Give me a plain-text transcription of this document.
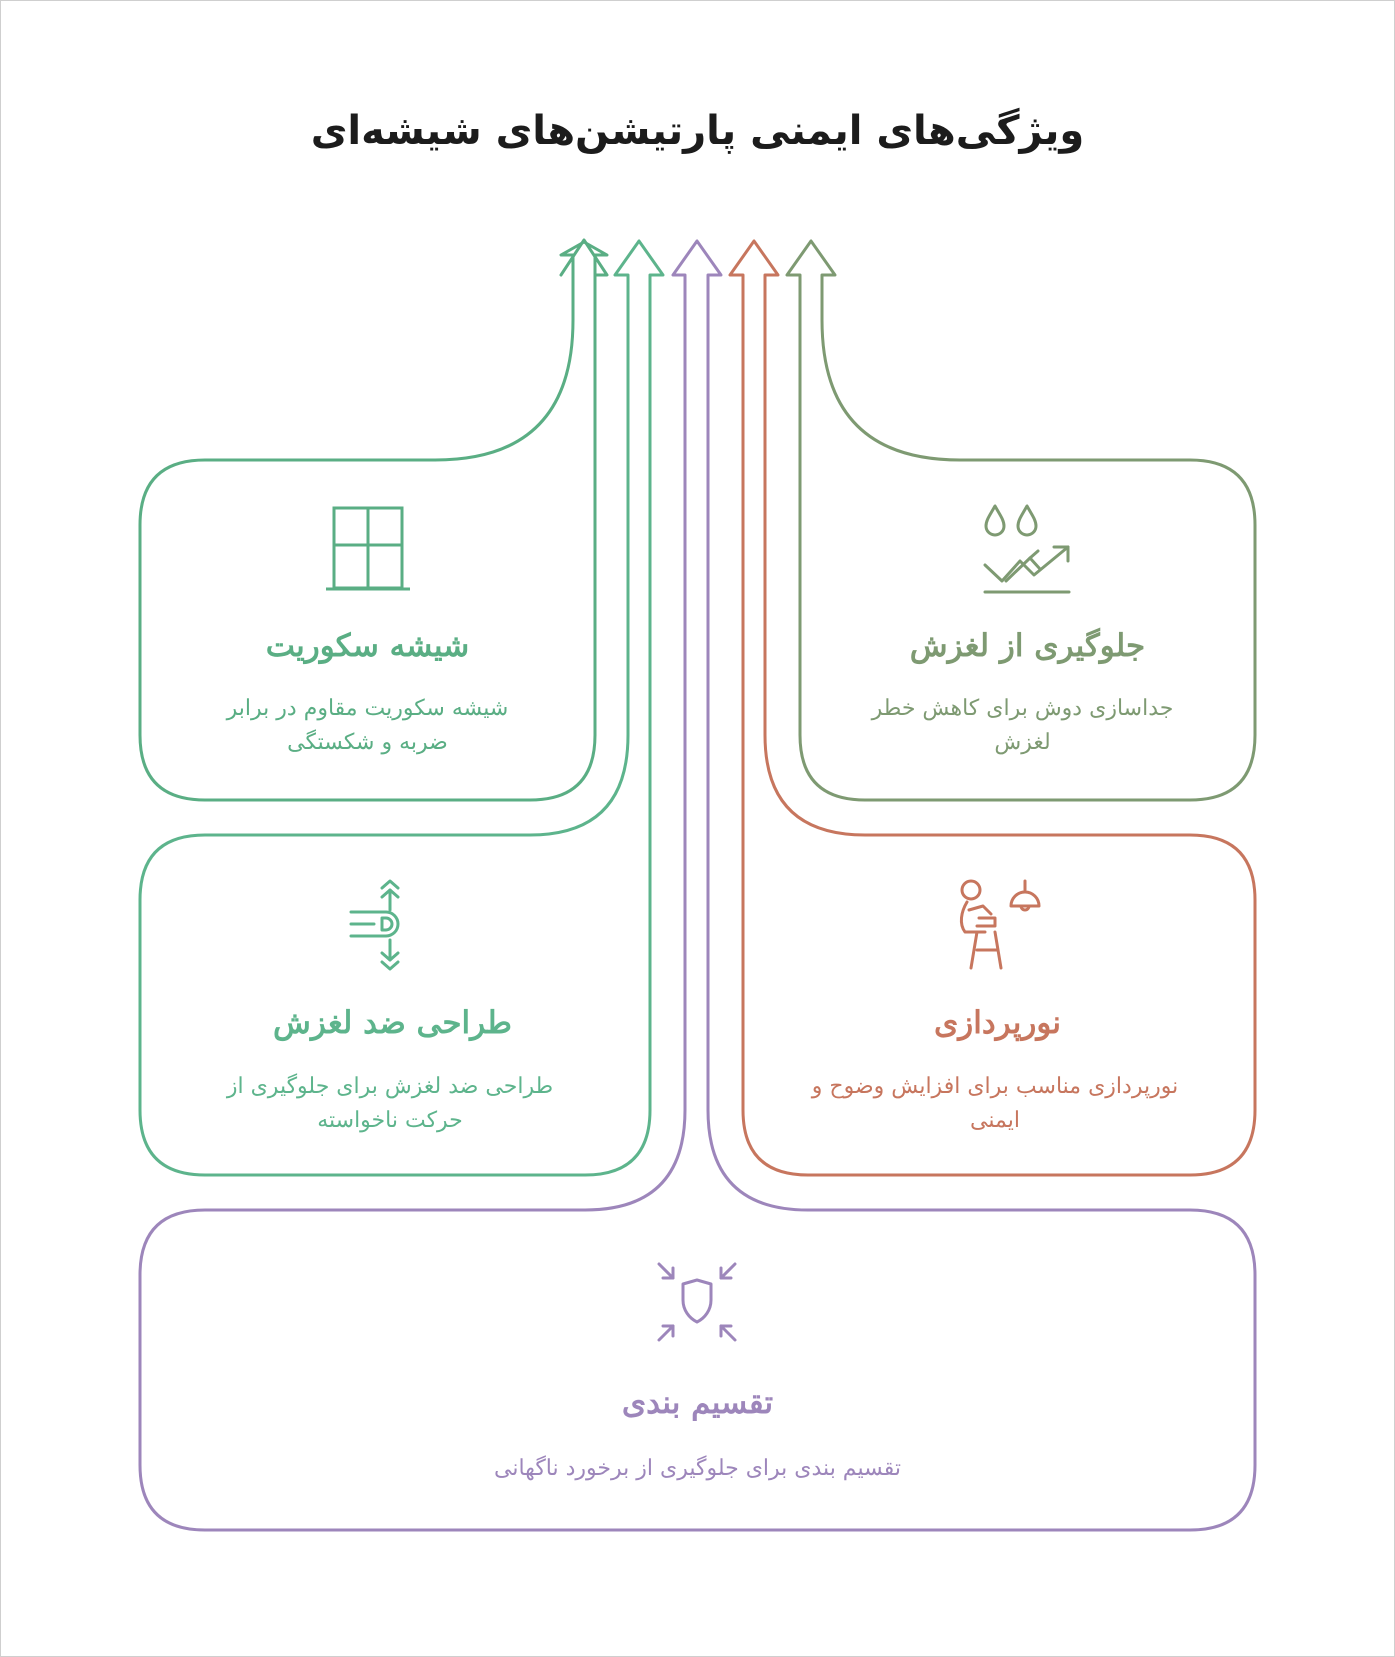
ویژگی‌های ایمنی پارتیشن‌های شیشه‌ای
شیشه سکوریت
شیشه سکوریت مقاوم در برابر ضربه و شکستگی
جلوگیری از لغزش
جداسازی دوش برای کاهش خطر لغزش
طراحی ضد لغزش
طراحی ضد لغزش برای جلوگیری از حرکت ناخواسته
نورپردازی
نورپردازی مناسب برای افزایش وضوح و ایمنی
تقسیم بندی
تقسیم بندی برای جلوگیری از برخورد ناگهانی
